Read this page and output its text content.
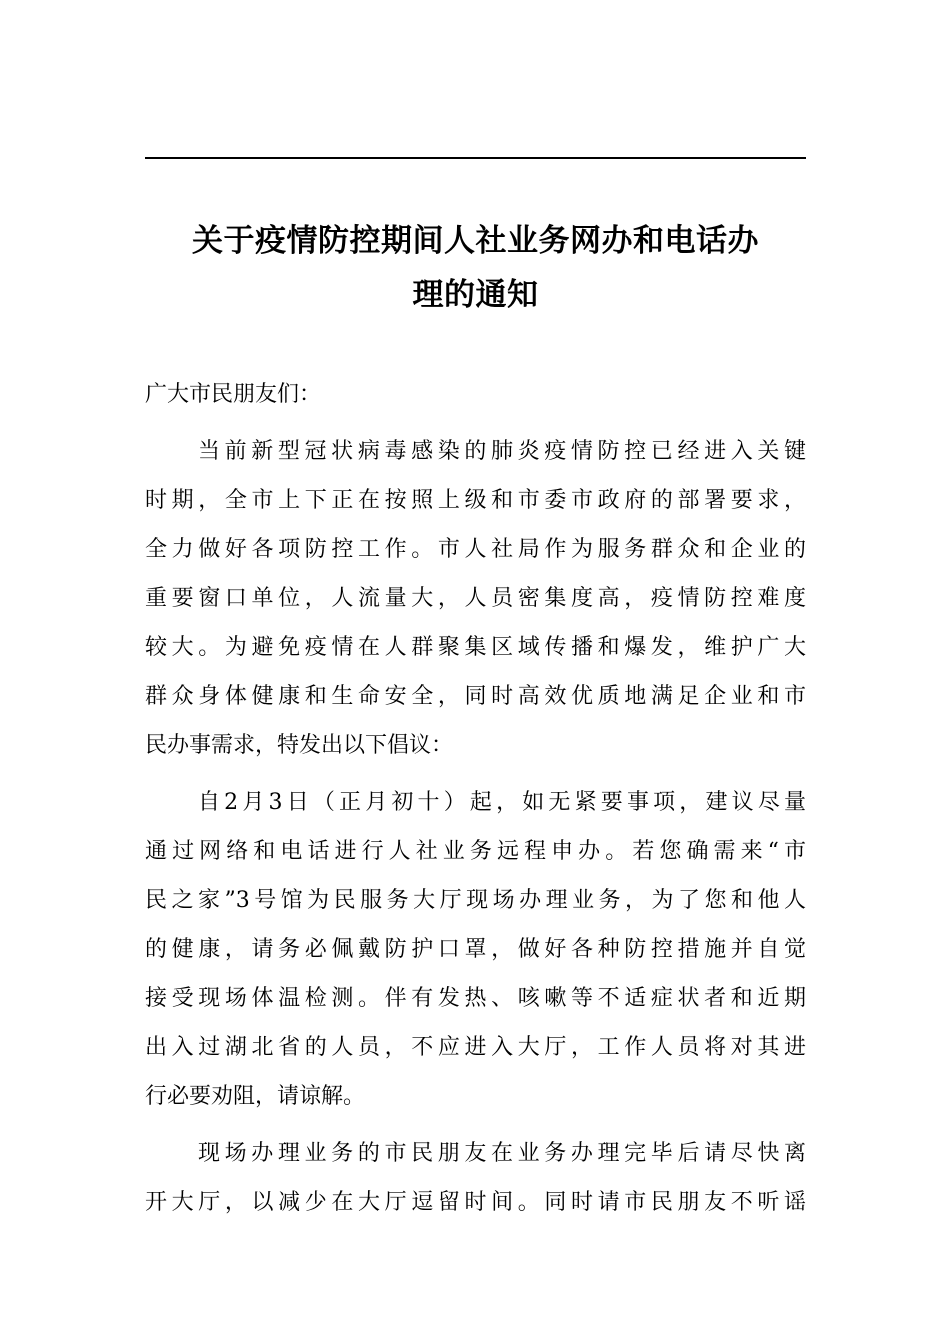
关于疫情防控期间人社业务网办和电话办
理的通知
广大市民朋友们：
当前新型冠状病毒感染的肺炎疫情防控已经进入关键
时期，全市上下正在按照上级和市委市政府的部署要求，
全力做好各项防控工作。市人社局作为服务群众和企业的
重要窗口单位，人流量大，人员密集度高，疫情防控难度
较大。为避免疫情在人群聚集区域传播和爆发，维护广大
群众身体健康和生命安全，同时高效优质地满足企业和市
民办事需求，特发出以下倡议：
自2月3日（正月初十）起，如无紧要事项，建议尽量
通过网络和电话进行人社业务远程申办。若您确需来“市
民之家”3号馆为民服务大厅现场办理业务，为了您和他人
的健康，请务必佩戴防护口罩，做好各种防控措施并自觉
接受现场体温检测。伴有发热、咳嗽等不适症状者和近期
出入过湖北省的人员，不应进入大厅，工作人员将对其进
行必要劝阻，请谅解。
现场办理业务的市民朋友在业务办理完毕后请尽快离
开大厅，以减少在大厅逗留时间。同时请市民朋友不听谣
